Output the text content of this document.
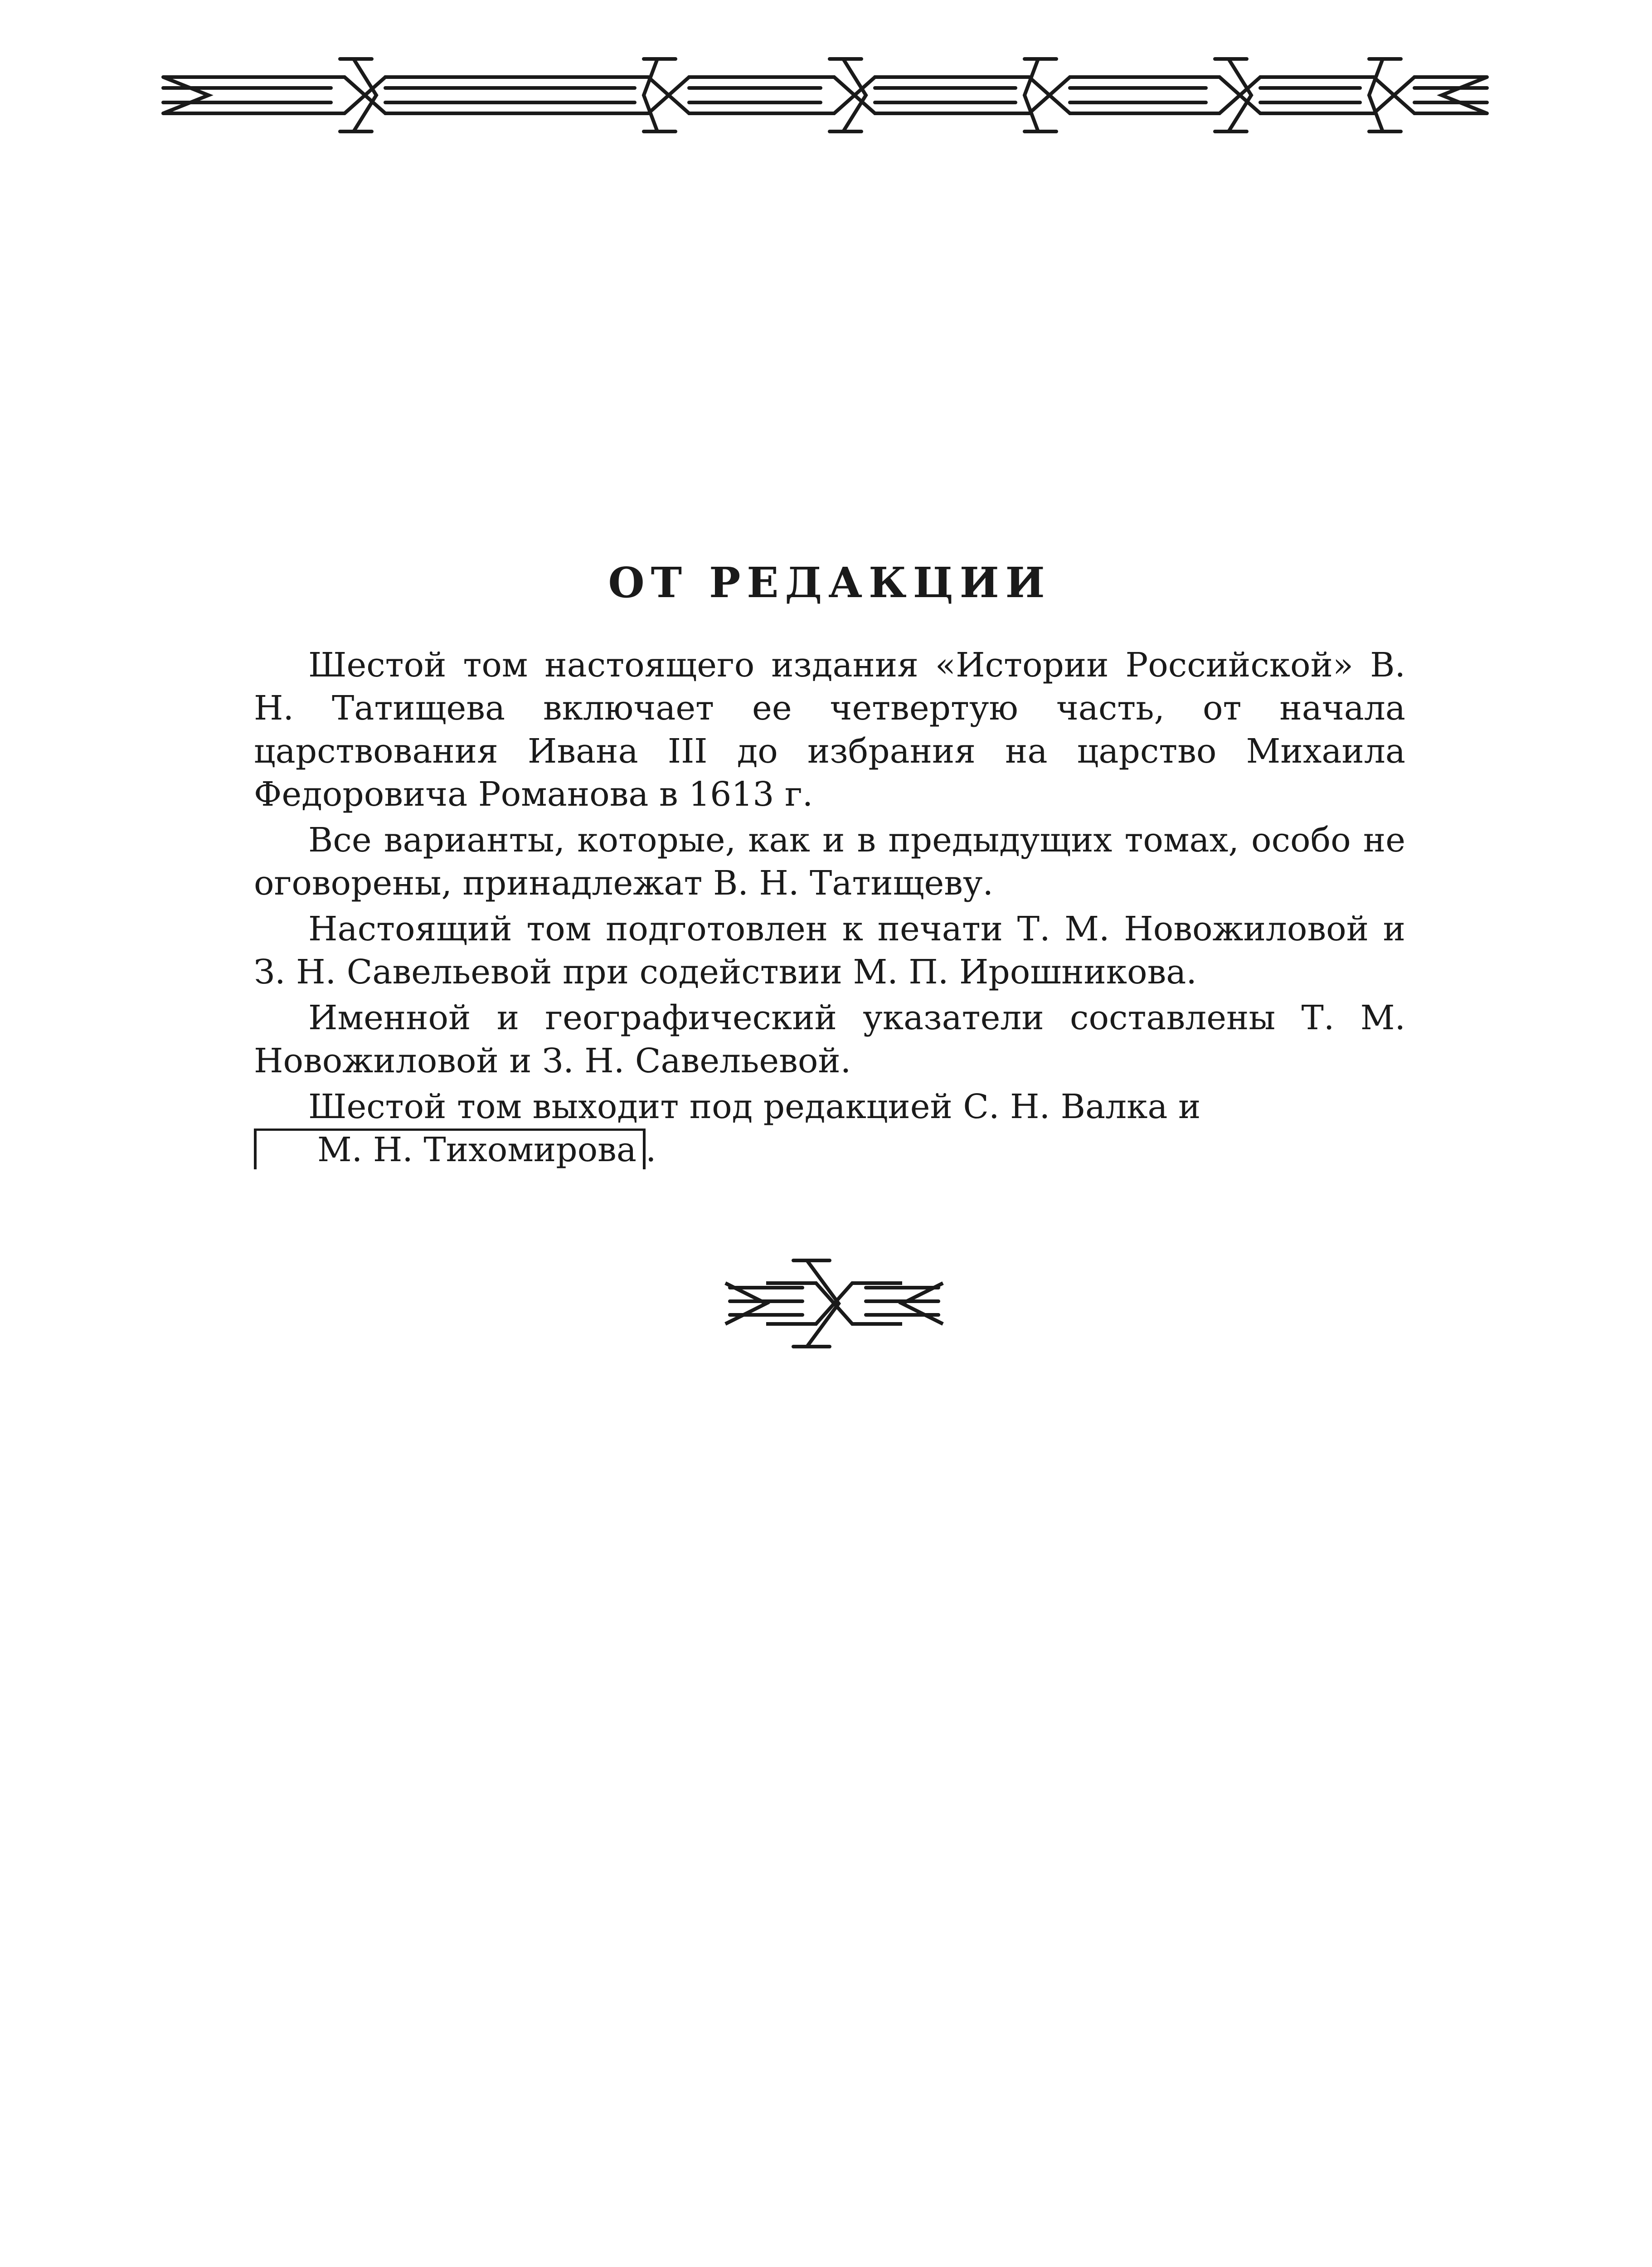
ОТ РЕДАКЦИИ

Шестой том настоящего издания «Истории Российской» В. Н. Татищева включает ее четвертую часть, от начала царствования Ивана III до избрания на царство Михаила Федоровича Романова в 1613 г.

Все варианты, которые, как и в предыдущих томах, особо не оговорены, принадлежат В. Н. Татищеву.

Настоящий том подготовлен к печати Т. М. Новожиловой и З. Н. Савельевой при содействии М. П. Ирошникова.

Именной и географический указатели составлены Т. М. Новожиловой и З. Н. Савельевой.

Шестой том выходит под редакцией С. Н. Валка и
М. Н. Тихомирова .
